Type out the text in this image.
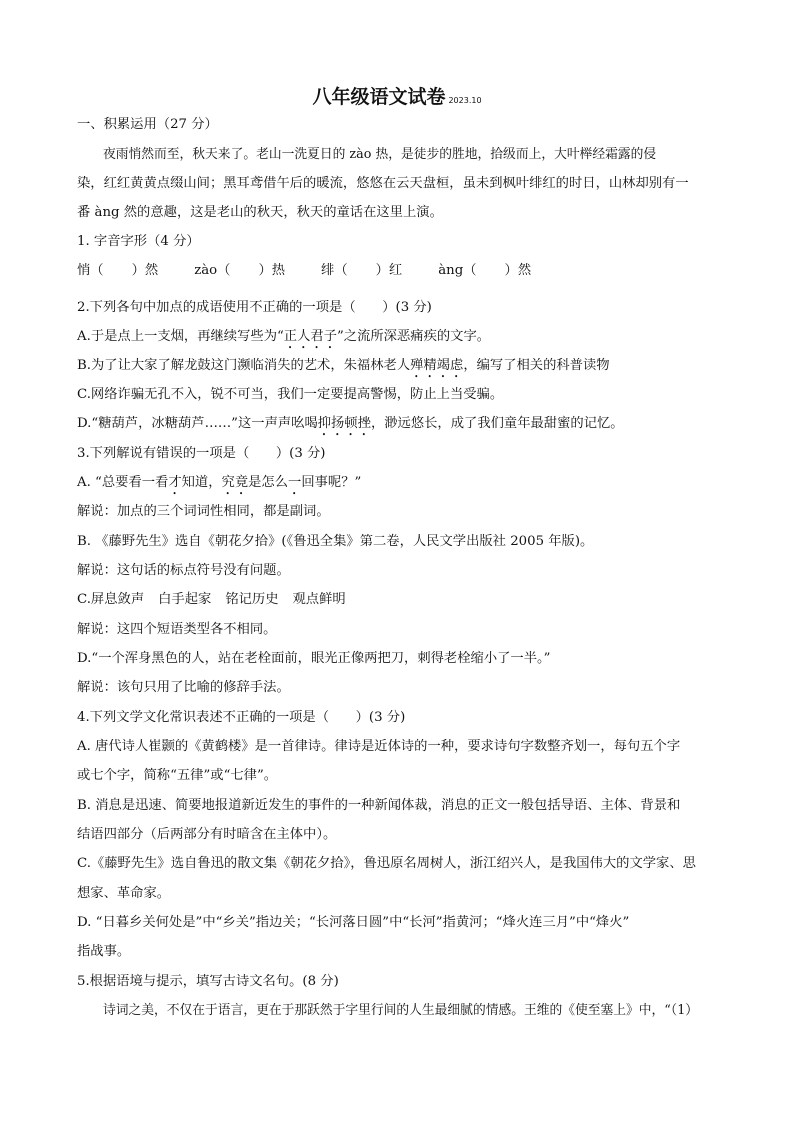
八年级语文试卷 2023.10
一、积累运用（27 分）
夜雨悄然而至，秋天来了。老山一洗夏日的 zào 热，是徒步的胜地，拾级而上，大叶榉经霜露的侵
染，红红黄黄点缀山间；黑耳鸢借午后的暖流，悠悠在云天盘桓，虽未到枫叶绯红的时日，山林却别有一
番 àng 然的意趣，这是老山的秋天，秋天的童话在这里上演。
1. 字音字形（4 分）
悄（ ）然	zào（ ）热	绯（ ）红	àng（ ）然
2.下列各句中加点的成语使用不正确的一项是（　　）(3 分)
A.于是点上一支烟，再继续写些为“正人君子”之流所深恶痛疾的文字。
B.为了让大家了解龙鼓这门濒临消失的艺术，朱福林老人殚精竭虑，编写了相关的科普读物
C.网络诈骗无孔不入，锐不可当，我们一定要提高警惕，防止上当受骗。
D.“糖葫芦，冰糖葫芦……”这一声声吆喝抑扬顿挫，渺远悠长，成了我们童年最甜蜜的记忆。
3.下列解说有错误的一项是（　　）(3 分)
A. “总要看一看才知道，究竟是怎么一回事呢？”
解说：加点的三个词词性相同，都是副词。
B. 《藤野先生》选自《朝花夕拾》(《鲁迅全集》第二卷，人民文学出版社 2005 年版)。
解说：这句话的标点符号没有问题。
C.屏息敛声 白手起家 铭记历史 观点鲜明
解说：这四个短语类型各不相同。
D.“一个浑身黑色的人，站在老栓面前，眼光正像两把刀，刺得老栓缩小了一半。”
解说：该句只用了比喻的修辞手法。
4.下列文学文化常识表述不正确的一项是（　　）(3 分)
A. 唐代诗人崔颢的《黄鹤楼》是一首律诗。律诗是近体诗的一种，要求诗句字数整齐划一，每句五个字
或七个字，简称“五律”或“七律”。
B. 消息是迅速、简要地报道新近发生的事件的一种新闻体裁，消息的正文一般包括导语、主体、背景和
结语四部分（后两部分有时暗含在主体中）。
C.《藤野先生》选自鲁迅的散文集《朝花夕拾》，鲁迅原名周树人，浙江绍兴人，是我国伟大的文学家、思
想家、革命家。
D. “日暮乡关何处是”中“乡关”指边关；“长河落日圆”中“长河”指黄河；“烽火连三月”中“烽火”
指战事。
5.根据语境与提示，填写古诗文名句。(8 分)
诗词之美，不仅在于语言，更在于那跃然于字里行间的人生最细腻的情感。王维的《使至塞上》中，“（1）
